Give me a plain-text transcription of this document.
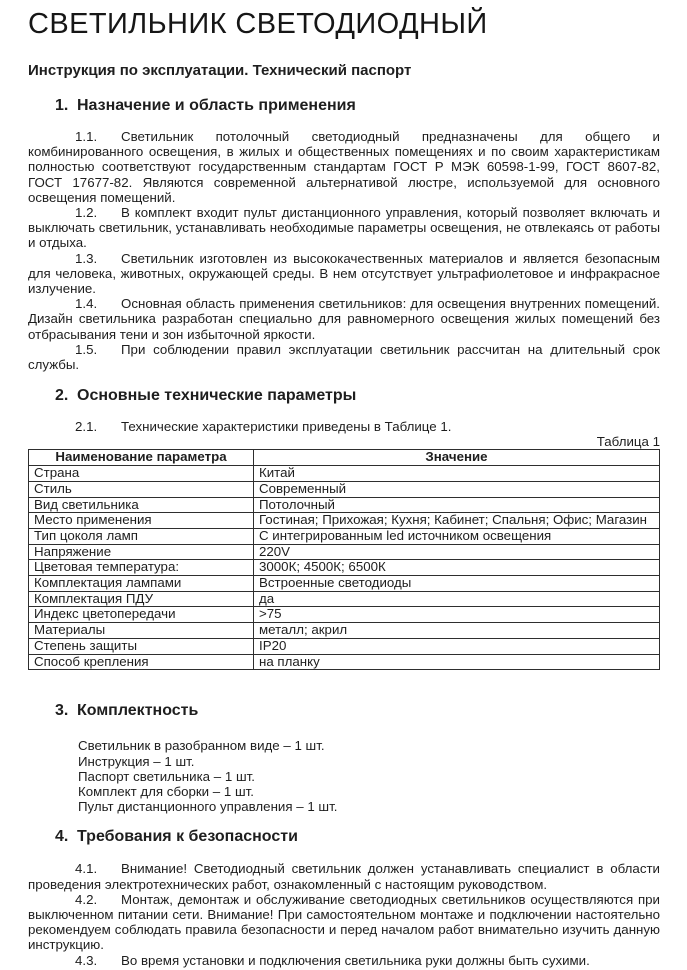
СВЕТИЛЬНИК СВЕТОДИОДНЫЙ

Инструкция по эксплуатации. Технический паспорт

1. Назначение и область применения

1.1. Светильник потолочный светодиодный предназначены для общего и комбинированного освещения, в жилых и общественных помещениях и по своим характеристикам полностью соответствуют государственным стандартам ГОСТ Р МЭК 60598-1-99, ГОСТ 8607-82, ГОСТ 17677-82. Являются современной альтернативой люстре, используемой для основного освещения помещений.

1.2. В комплект входит пульт дистанционного управления, который позволяет включать и выключать светильник, устанавливать необходимые параметры освещения, не отвлекаясь от работы и отдыха.

1.3. Светильник изготовлен из высококачественных материалов и является безопасным для человека, животных, окружающей среды. В нем отсутствует ультрафиолетовое и инфракрасное излучение.

1.4. Основная область применения светильников: для освещения внутренних помещений. Дизайн светильника разработан специально для равномерного освещения жилых помещений без отбрасывания тени и зон избыточной яркости.

1.5. При соблюдении правил эксплуатации светильник рассчитан на длительный срок службы.

2. Основные технические параметры

2.1. Технические характеристики приведены в Таблице 1.

Таблица 1

Наименование параметра	Значение
Страна	Китай
Стиль	Современный
Вид светильника	Потолочный
Место применения	Гостиная; Прихожая; Кухня; Кабинет; Спальня; Офис; Магазин
Тип цоколя ламп	С интегрированным led источником освещения
Напряжение	220V
Цветовая температура:	3000К; 4500К; 6500К
Комплектация лампами	Встроенные светодиоды
Комплектация ПДУ	да
Индекс цветопередачи	>75
Материалы	металл; акрил
Степень защиты	IP20
Способ крепления	на планку
3. Комплектность
Светильник в разобранном виде – 1 шт.
Инструкция – 1 шт.
Паспорт светильника – 1 шт.
Комплект для сборки – 1 шт.
Пульт дистанционного управления – 1 шт.
4. Требования к безопасности

4.1. Внимание! Светодиодный светильник должен устанавливать специалист в области проведения электротехнических работ, ознакомленный с настоящим руководством.

4.2. Монтаж, демонтаж и обслуживание светодиодных светильников осуществляются при выключенном питании сети. Внимание! При самостоятельном монтаже и подключении настоятельно рекомендуем соблюдать правила безопасности и перед началом работ внимательно изучить данную инструкцию.

4.3. Во время установки и подключения светильника руки должны быть сухими.
